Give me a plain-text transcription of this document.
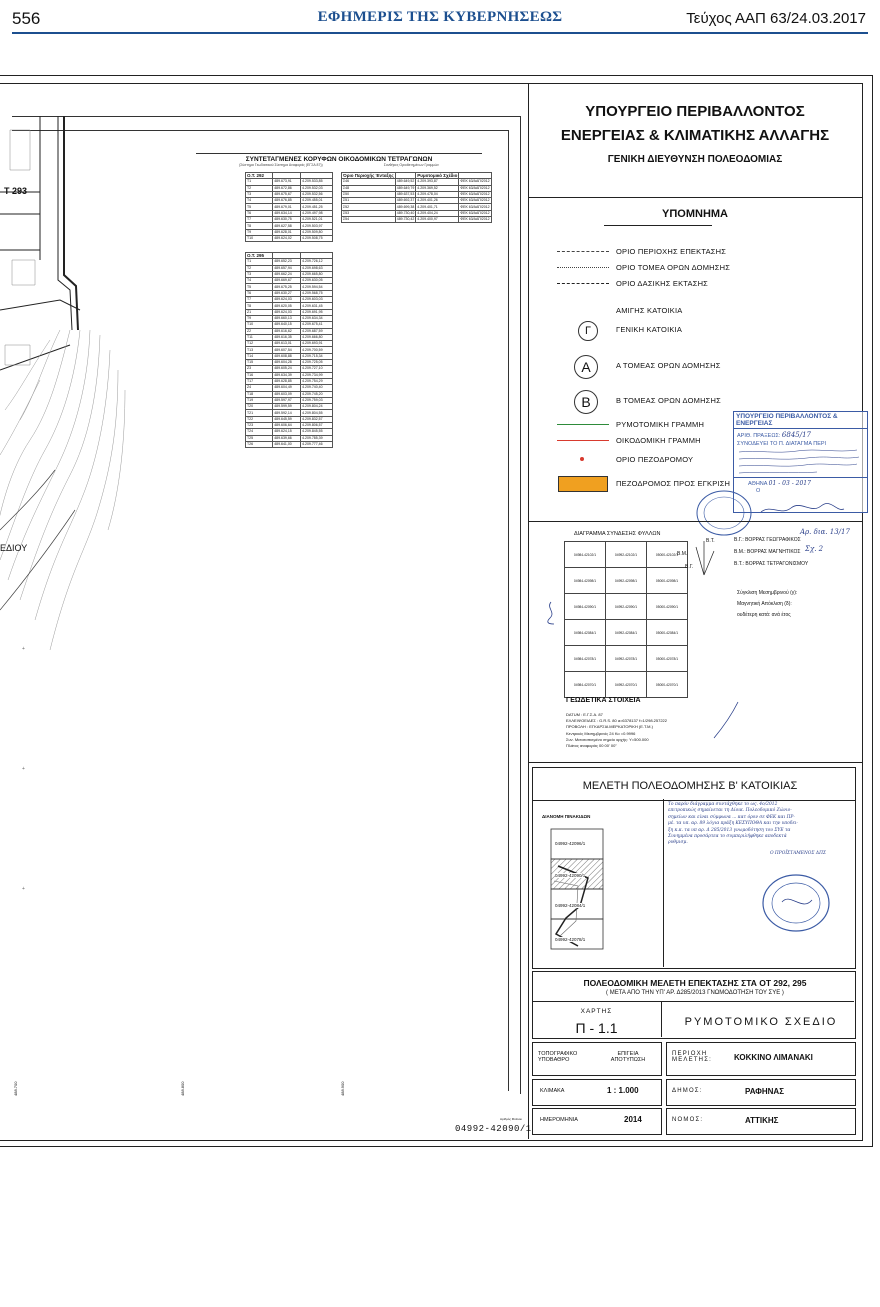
556	ΕΦΗΜΕΡΙΣ ΤΗΣ ΚΥΒΕΡΝΗΣΕΩΣ	Τεύχος ΑΑΠ 63/24.03.2017
+
+
+
Τ 293
ΕΔΙΟΥ
ΣΥΝΤΕΤΑΓΜΕΝΕΣ ΚΟΡΥΦΩΝ ΟΙΚΟΔΟΜΙΚΩΝ ΤΕΤΡΑΓΩΝΩΝ
(Σύστημα Γεωδαιτικού Σύστημα Αναφοράς (ΕΓΣΑ 87))	Συνθήκες Οριοθετημένων Γραμμών
Ο.Τ. 292		
Τ1	489.673,91	4.209.533,85
Τ2	489.672,86	4.209.532,03
Τ3	489.675,67	4.209.532,56
Τ4	489.676,85	4.209.455,01
Τ5	489.679,01	4.209.451,25
Τ6	489.634,14	4.209.497,98
Τ7	489.630,75	4.209.521,01
Τ8	489.627,58	4.209.503,97
Τ9	489.628,01	4.209.509,80
Τ10	489.624,02	4.209.508,75
Ο.Τ. 295		
Τ1	489.652,23	4.209.726,12
Τ2	489.657,94	4.209.698,63
Τ3	489.662,24	4.209.665,80
Τ4	489.669,67	4.209.630,05
Τ5	489.675,25	4.209.594,54
Τ6	489.630,27	4.209.568,75
Τ7	489.624,03	4.209.603,03
Τ8	489.620,05	4.209.631,45
Ζ1	489.624,03	4.209.691,95
Τ9	489.660,13	4.209.634,34
Τ10	489.640,15	4.209.675,41
Ζ2	489.616,62	4.209.687,59
Τ11	489.616,35	4.209.666,80
Τ12	489.613,01	4.209.693,91
Τ13	489.607,54	4.209.700,59
Τ14	489.608,88	4.209.715,34
Τ15	489.604,28	4.209.725,05
Ζ3	489.605,24	4.209.727,10
Τ16	489.634,39	4.209.734,99
Τ17	489.628,85	4.209.754,29
Ζ4	489.604,49	4.209.740,40
Τ18	489.603,09	4.209.745,20
Τ19	489.597,97	4.209.759,03
Τ20	489.599,59	4.209.804,24
Τ21	489.592,14	4.209.804,55
Τ22	489.645,59	4.209.832,57
Τ23	489.606,64	4.209.806,57
Τ24	489.624,15	4.209.845,55
Τ25	489.639,66	4.209.785,39
Τ26	489.641,00	4.209.777,46
Όριο Περιοχής Ένταξης		Ρυμοτομικό Σχέδιο	
Σ46	489.649,52	4.209.393,87	ΦΕΚ 63/ΑΑΠ/2012
Σ48	489.649,79	4.209.369,52	ΦΕΚ 63/ΑΑΠ/2012
Σ50	489.637,53	4.209.478,04	ΦΕΚ 63/ΑΑΠ/2012
Σ51	489.692,37	4.209.401,26	ΦΕΚ 63/ΑΑΠ/2012
Σ52	489.699,38	4.209.401,71	ΦΕΚ 63/ΑΑΠ/2012
Σ53	489.730,40	4.209.404,24	ΦΕΚ 63/ΑΑΠ/2012
Σ54	489.730,42	4.209.400,97	ΦΕΚ 63/ΑΑΠ/2012
488.700	488.800	488.900
Αριθμός Φύλλου
04992-42090/1
ΥΠΟΥΡΓΕΙΟ ΠΕΡΙΒΑΛΛΟΝΤΟΣ
ΕΝΕΡΓΕΙΑΣ & ΚΛΙΜΑΤΙΚΗΣ ΑΛΛΑΓΗΣ
ΓΕΝΙΚΗ ΔΙΕΥΘΥΝΣΗ ΠΟΛΕΟΔΟΜΙΑΣ
ΥΠΟΜΝΗΜΑ
Γ
Α
Β
ΟΡΙΟ ΠΕΡΙΟΧΗΣ ΕΠΕΚΤΑΣΗΣ
ΟΡΙΟ ΤΟΜΕΑ ΟΡΩΝ ΔΟΜΗΣΗΣ
ΟΡΙΟ ΔΑΣΙΚΗΣ ΕΚΤΑΣΗΣ
ΑΜΙΓΗΣ ΚΑΤΟΙΚΙΑ
ΓΕΝΙΚΗ ΚΑΤΟΙΚΙΑ
Α ΤΟΜΕΑΣ ΟΡΩΝ ΔΟΜΗΣΗΣ
Β ΤΟΜΕΑΣ ΟΡΩΝ ΔΟΜΗΣΗΣ
ΡΥΜΟΤΟΜΙΚΗ ΓΡΑΜΜΗ
ΟΙΚΟΔΟΜΙΚΗ ΓΡΑΜΜΗ
ΟΡΙΟ ΠΕΖΟΔΡΟΜΟΥ
ΠΕΖΟΔΡΟΜΟΣ ΠΡΟΣ ΕΓΚΡΙΣΗ
ΥΠΟΥΡΓΕΙΟ ΠΕΡΙΒΑΛΛΟΝΤΟΣ & ΕΝΕΡΓΕΙΑΣ
ΑΡΙΘ. ΠΡΑΞΕΩΣ: 6845/17
ΣΥΝΟΔΕΥΕΙ ΤΟ Π. ΔΙΑΤΑΓΜΑ ΠΕΡΙ
ΑΘΗΝΑ 01 - 03 - 2017
Ο
ΔΙΑΓΡΑΜΜΑ ΣΥΝΔΕΣΗΣ ΦΥΛΛΩΝ
04984-42102/1	04992-42102/1	05000-42102/1
04984-42098/1	04992-42098/1	05000-42098/1
04984-42090/1	04992-42090/1	05000-42090/1
04984-42084/1	04992-42084/1	05000-42084/1
04984-42078/1	04992-42078/1	05000-42078/1
04984-42070/1	04992-42070/1	05000-42070/1
Β.Τ.
Β.Μ.
Β.Γ.
Β.Γ.: ΒΟΡΡΑΣ ΓΕΩΓΡΑΦΙΚΟΣ
Β.Μ.: ΒΟΡΡΑΣ ΜΑΓΝΗΤΙΚΟΣ
Β.Τ.: ΒΟΡΡΑΣ ΤΕΤΡΑΓΩΝΙΣΜΟΥ
Αρ. δια. 13/17
Σχ. 2
Σύγκλιση Μεσημβρινού (γ):
Μαγνητική Απόκλιση (δ):
ουδέτερη κατά: ανά έτος
ΓΕΩΔΕΤΙΚΑ ΣΤΟΙΧΕΙΑ
DATUM : Ε.Γ.Σ.Α. 87
ΕΛΛΕΙΨΟΕΙΔΕΣ : G.R.S. 80 a=6378137 f=1/298.257222
ΠΡΟΒΟΛΗ : ΕΓΚΑΡΣΙΑ ΜΕΡΚΑΤΟΡΙΚΗ (Ε.Τ.Μ.)
Κεντρικός Μεσημβρινός 24 Κο =0.9996
Συν. Μετατοπισμένο σημείο αρχής: Y=500.000
Πλάτος αναφοράς 00 00' 00"
ΜΕΛΕΤΗ ΠΟΛΕΟΔΟΜΗΣΗΣ Β' ΚΑΤΟΙΚΙΑΣ
ΔΙΑΝΟΜΗ ΠΙΝΑΚΙΔΩΝ
04992-42096/1
04992-42090/1
04992-42084/1
04992-42078/1
Το παρόν διάγραμμα συντάχθηκε το ως. 4ο/2012
επιτροπικώς σημαίνεται τη Δίοικ. Πολεοδομικό Ζώνιο-
σημείων και είναι σύμφωνα ... κατ όρον σε ΦΕΚ και ΠΡ-
μέ. τα υπ. αρ. 89 λόγια πράξη ΚΕΣΥΠΟΘΑ και την υποδει-
ξη κ.κ. τα υπ αρ. Δ 285/2013 γνωμοδότηση του ΣΥΕ τα
Συνημμένα προσάρτεα το συμπεριλήφθηκε αποδεκτά
ρυθμισμ.
Ο ΠΡΟΪΣΤΑΜΕΝΟΣ ΔΠΣ
ΠΟΛΕΟΔΟΜΙΚΗ ΜΕΛΕΤΗ ΕΠΕΚΤΑΣΗΣ ΣΤΑ ΟΤ 292, 295
( ΜΕΤΑ ΑΠΟ ΤΗΝ ΥΠ' ΑΡ. Δ285/2013 ΓΝΩΜΟΔΟΤΗΣΗ ΤΟΥ ΣΥΕ )
ΧΑΡΤΗΣ
Π - 1.1	ΡΥΜΟΤΟΜΙΚΟ ΣΧΕΔΙΟ
ΤΟΠΟΓΡΑΦΙΚΟ ΥΠΟΒΑΘΡΟ
ΕΠΙΓΕΙΑ ΑΠΟΤΥΠΩΣΗ
ΠΕΡΙΟΧΗ ΜΕΛΕΤΗΣ:	ΚΟΚΚΙΝΟ ΛΙΜΑΝΑΚΙ
ΚΛΙΜΑΚΑ	1 : 1.000	ΔΗΜΟΣ:	ΡΑΦΗΝΑΣ
ΗΜΕΡΟΜΗΝΙΑ	2014	ΝΟΜΟΣ:	ΑΤΤΙΚΗΣ
